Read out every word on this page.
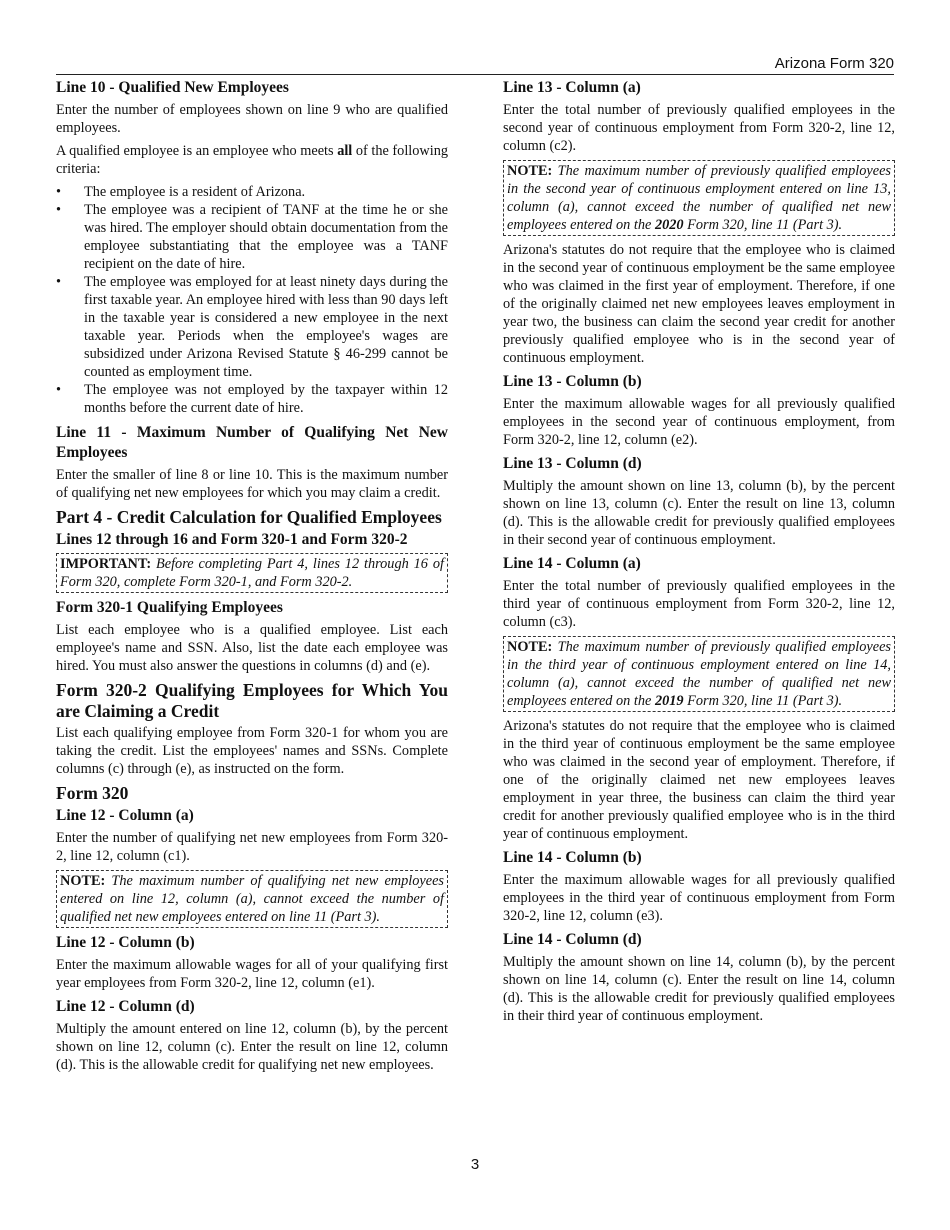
Arizona Form 320
Line 10 - Qualified New Employees

Enter the number of employees shown on line 9 who are qualified employees.

A qualified employee is an employee who meets all of the following criteria:

• The employee is a resident of Arizona.
• The employee was a recipient of TANF at the time he or she was hired. The employer should obtain documentation from the employee substantiating that the employee was a TANF recipient on the date of hire.
• The employee was employed for at least ninety days during the first taxable year. An employee hired with less than 90 days left in the taxable year is considered a new employee in the next taxable year. Periods when the employee's wages are subsidized under Arizona Revised Statute § 46-299 cannot be counted as employment time.
• The employee was not employed by the taxpayer within 12 months before the current date of hire.
Line 11 - Maximum Number of Qualifying Net New Employees

Enter the smaller of line 8 or line 10. This is the maximum number of qualifying net new employees for which you may claim a credit.

Part 4 - Credit Calculation for Qualified Employees
Lines 12 through 16 and Form 320-1 and Form 320-2
IMPORTANT: Before completing Part 4, lines 12 through 16 of Form 320, complete Form 320-1, and Form 320-2.
Form 320-1 Qualifying Employees

List each employee who is a qualified employee. List each employee's name and SSN. Also, list the date each employee was hired. You must also answer the questions in columns (d) and (e).

Form 320-2 Qualifying Employees for Which You are Claiming a Credit

List each qualifying employee from Form 320-1 for whom you are taking the credit. List the employees' names and SSNs. Complete columns (c) through (e), as instructed on the form.

Form 320
Line 12 - Column (a)

Enter the number of qualifying net new employees from Form 320-2, line 12, column (c1).

NOTE: The maximum number of qualifying net new employees entered on line 12, column (a), cannot exceed the number of qualified net new employees entered on line 11 (Part 3).
Line 12 - Column (b)

Enter the maximum allowable wages for all of your qualifying first year employees from Form 320-2, line 12, column (e1).

Line 12 - Column (d)

Multiply the amount entered on line 12, column (b), by the percent shown on line 12, column (c). Enter the result on line 12, column (d). This is the allowable credit for qualifying net new employees.

Line 13 - Column (a)

Enter the total number of previously qualified employees in the second year of continuous employment from Form 320-2, line 12, column (c2).

NOTE: The maximum number of previously qualified employees in the second year of continuous employment entered on line 13, column (a), cannot exceed the number of qualified net new employees entered on the 2020 Form 320, line 11 (Part 3).

Arizona's statutes do not require that the employee who is claimed in the second year of continuous employment be the same employee who was claimed in the first year of employment. Therefore, if one of the originally claimed net new employees leaves employment in year two, the business can claim the second year credit for another previously qualified employee who is in the second year of continuous employment.

Line 13 - Column (b)

Enter the maximum allowable wages for all previously qualified employees in the second year of continuous employment, from Form 320-2, line 12, column (e2).

Line 13 - Column (d)

Multiply the amount shown on line 13, column (b), by the percent shown on line 13, column (c). Enter the result on line 13, column (d). This is the allowable credit for previously qualified employees in their second year of continuous employment.

Line 14 - Column (a)

Enter the total number of previously qualified employees in the third year of continuous employment from Form 320-2, line 12, column (c3).

NOTE: The maximum number of previously qualified employees in the third year of continuous employment entered on line 14, column (a), cannot exceed the number of qualified net new employees entered on the 2019 Form 320, line 11 (Part 3).

Arizona's statutes do not require that the employee who is claimed in the third year of continuous employment be the same employee who was claimed in the second year of employment. Therefore, if one of the originally claimed net new employees leaves employment in year three, the business can claim the third year credit for another previously qualified employee who is in the third year of continuous employment.

Line 14 - Column (b)

Enter the maximum allowable wages for all previously qualified employees in the third year of continuous employment from Form 320-2, line 12, column (e3).

Line 14 - Column (d)

Multiply the amount shown on line 14, column (b), by the percent shown on line 14, column (c). Enter the result on line 14, column (d). This is the allowable credit for previously qualified employees in their third year of continuous employment.

3
